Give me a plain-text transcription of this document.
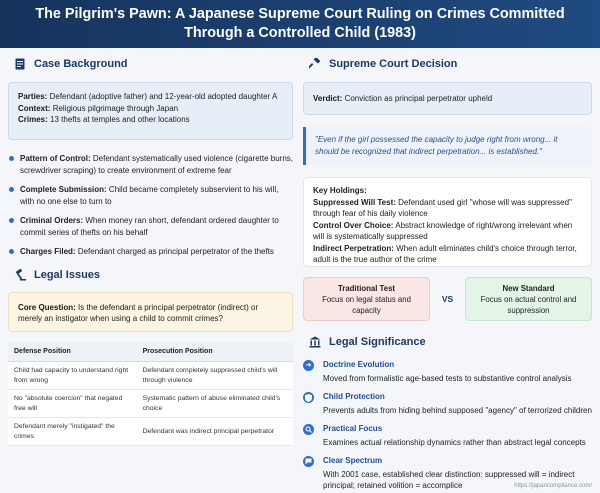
The Pilgrim's Pawn: A Japanese Supreme Court Ruling on Crimes Committed Through a Controlled Child (1983)
Case Background
Parties: Defendant (adoptive father) and 12-year-old adopted daughter A
Context: Religious pilgrimage through Japan
Crimes: 13 thefts at temples and other locations
Pattern of Control: Defendant systematically used violence (cigarette burns, screwdriver scraping) to create environment of extreme fear
Complete Submission: Child became completely subservient to his will, with no one else to turn to
Criminal Orders: When money ran short, defendant ordered daughter to commit series of thefts on his behalf
Charges Filed: Defendant charged as principal perpetrator of the thefts
Legal Issues
Core Question: Is the defendant a principal perpetrator (indirect) or merely an instigator when using a child to commit crimes?
Defense Position	Prosecution Position
Child had capacity to understand right from wrong	Defendant completely suppressed child's will through violence
No "absolute coercion" that negated free will	Systematic pattern of abuse eliminated child's choice
Defendant merely "instigated" the crimes	Defendant was indirect principal perpetrator
Supreme Court Decision
Verdict: Conviction as principal perpetrator upheld
"Even if the girl possessed the capacity to judge right from wrong... it should be recognized that indirect perpetration... is established."
Key Holdings:
Suppressed Will Test: Defendant used girl "whose will was suppressed" through fear of his daily violence
Control Over Choice: Abstract knowledge of right/wrong irrelevant when will is systematically suppressed
Indirect Perpetration: When adult eliminates child's choice through terror, adult is the true author of the crime
Traditional Test
Focus on legal status and capacity
VS
New Standard
Focus on actual control and suppression
Legal Significance
➜	Doctrine Evolution
Moved from formalistic age-based tests to substantive control analysis
Child Protection
Prevents adults from hiding behind supposed "agency" of terrorized children
Practical Focus
Examines actual relationship dynamics rather than abstract legal concepts
Clear Spectrum
With 2001 case, established clear distinction: suppressed will = indirect principal; retained volition = accomplice	https://japancompliance.com/
